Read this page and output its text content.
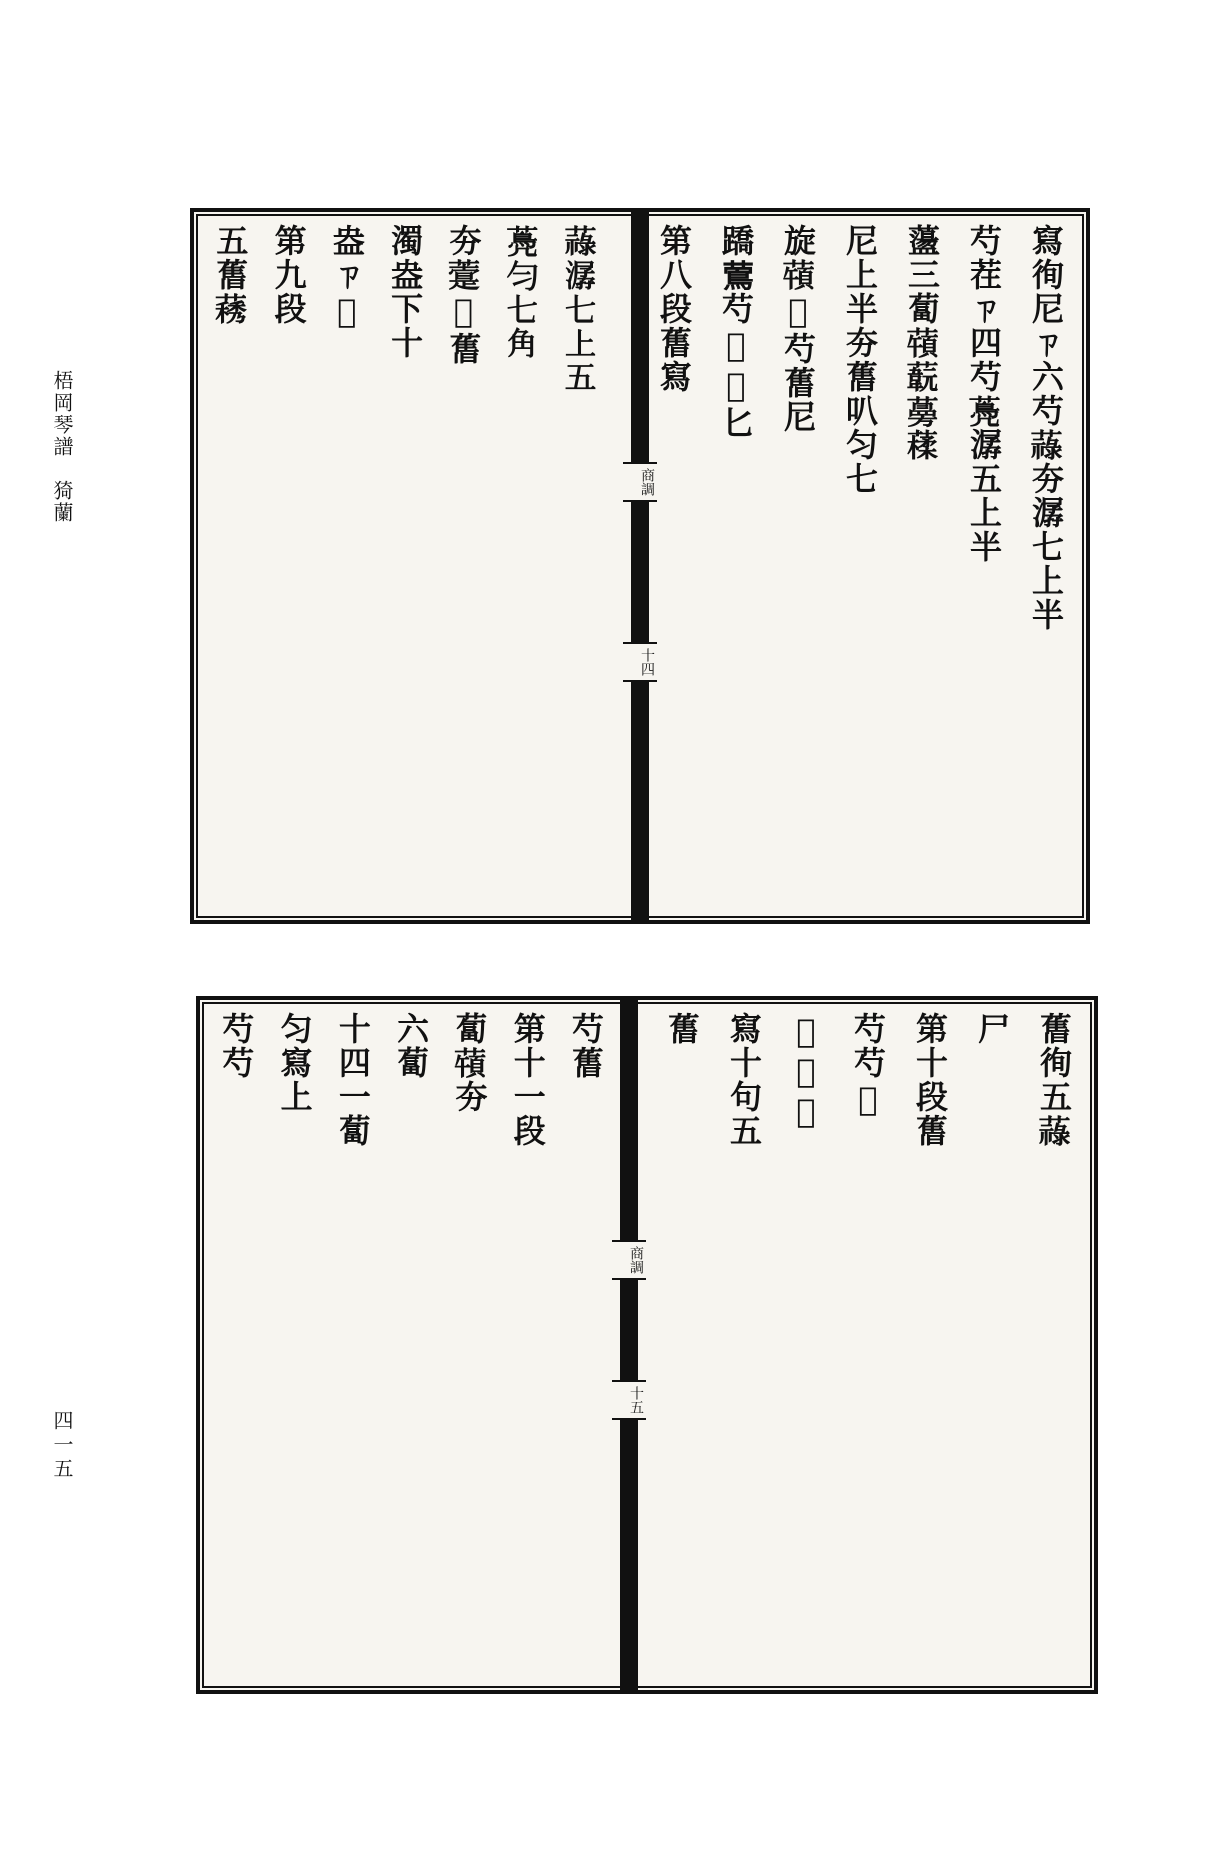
梧岡琴譜　猗蘭
四一五
寫徇尼ㄗ六芍𦽎夯潺七上半
芍茬ㄗ四芍𦽏潺五上半
蘯三蔔𦽀𦽞𦽦𦽩
尼上半夯𦾔叭匀七
旋𦽀𦾈芍𦾔尼
蹻𦾉芍𦾤𦽀匕
第八段𦾔寫
商調
十四
𦽎潺七上五
𦽏匀七角
夯𦽢𦽣𦾔
濁盎下十
盎ㄗ𦽣
第九段
五𦾔𦽧
𦾔徇五𦽎
尸
第十段𦾔
芍芍𦾤
𦾈𦽣𦾔
寫十句五
𦾔
商調
十五
芍𦾔
第十一段
蔔𦽀夯
六蔔
十四一蔔
匀寫上
芍芍
